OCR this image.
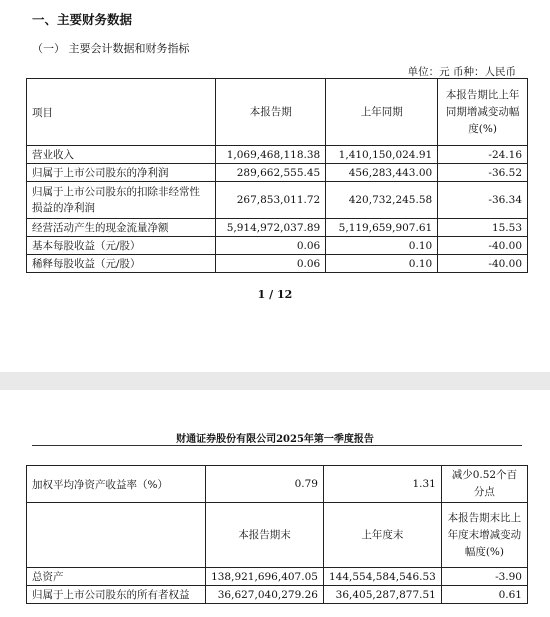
一、主要财务数据
（一） 主要会计数据和财务指标
单位：元 币种：人民币
项目	本报告期	上年同期	本报告期比上年同期增减变动幅度(%)
营业收入	1,069,468,118.38	1,410,150,024.91	-24.16
归属于上市公司股东的净利润	289,662,555.45	456,283,443.00	-36.52
归属于上市公司股东的扣除非经常性损益的净利润	267,853,011.72	420,732,245.58	-36.34
经营活动产生的现金流量净额	5,914,972,037.89	5,119,659,907.61	15.53
基本每股收益（元/股）	0.06	0.10	-40.00
稀释每股收益（元/股）	0.06	0.10	-40.00
1 / 12
财通证券股份有限公司2025年第一季度报告
加权平均净资产收益率（%）	0.79	1.31	减少0.52个百分点
	本报告期末	上年度末	本报告期末比上年度末增减变动幅度(%)
总资产	138,921,696,407.05	144,554,584,546.53	-3.90
归属于上市公司股东的所有者权益	36,627,040,279.26	36,405,287,877.51	0.61
